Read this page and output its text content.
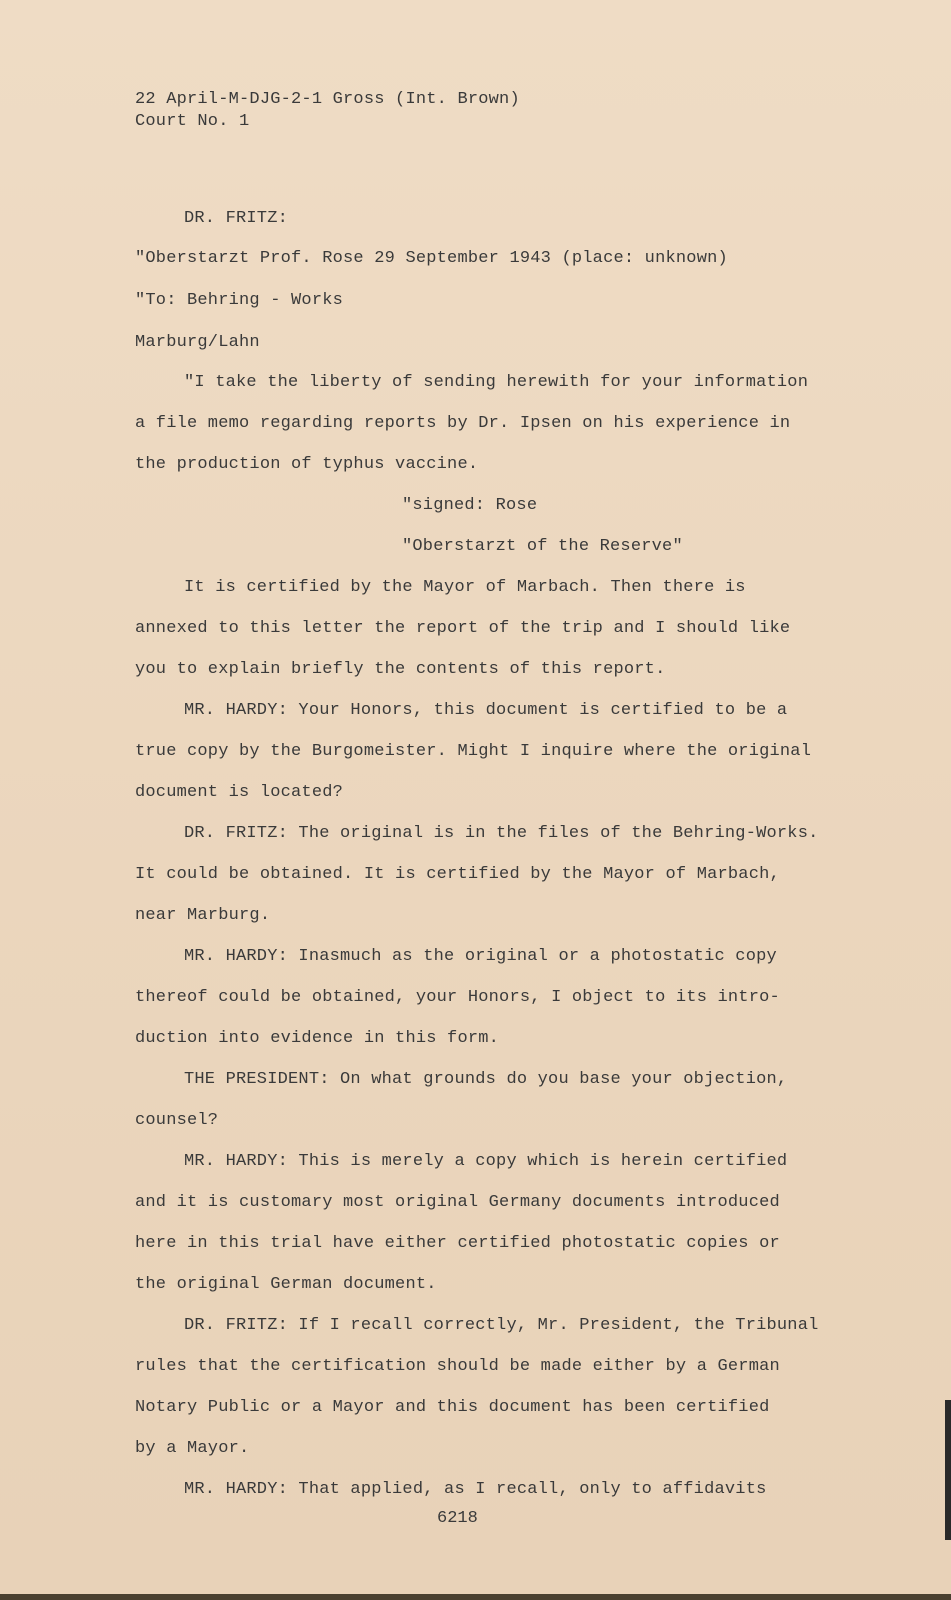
22 April-M-DJG-2-1 Gross (Int. Brown)
Court No. 1
DR. FRITZ:
"Oberstarzt Prof. Rose 29 September 1943 (place: unknown)
"To: Behring - Works
Marburg/Lahn
"I take the liberty of sending herewith for your information
a file memo regarding reports by Dr. Ipsen on his experience in
the production of typhus vaccine.
"signed: Rose
"Oberstarzt of the Reserve"
It is certified by the Mayor of Marbach. Then there is
annexed to this letter the report of the trip and I should like
you to explain briefly the contents of this report.
MR. HARDY: Your Honors, this document is certified to be a
true copy by the Burgomeister. Might I inquire where the original
document is located?
DR. FRITZ: The original is in the files of the Behring-Works.
It could be obtained. It is certified by the Mayor of Marbach,
near Marburg.
MR. HARDY: Inasmuch as the original or a photostatic copy
thereof could be obtained, your Honors, I object to its intro-
duction into evidence in this form.
THE PRESIDENT: On what grounds do you base your objection,
counsel?
MR. HARDY: This is merely a copy which is herein certified
and it is customary most original Germany documents introduced
here in this trial have either certified photostatic copies or
the original German document.
DR. FRITZ: If I recall correctly, Mr. President, the Tribunal
rules that the certification should be made either by a German
Notary Public or a Mayor and this document has been certified
by a Mayor.
MR. HARDY: That applied, as I recall, only to affidavits
6218
